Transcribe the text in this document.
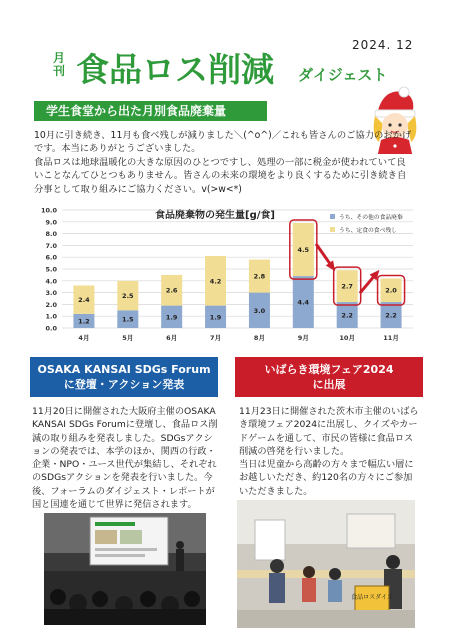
月刊 食品ロス削減 ダイジェスト
2024. 12
学生食堂から出た月別食品廃棄量

10月に引き続き、11月も食べ残しが減りました＼(^o^)／これも皆さんのご協力のおかげです。本当にありがとうございました。

食品ロスは地球温暖化の大きな原因のひとつですし、処理の一部に税金が使われていて良いことなんてひとつもありません。皆さんの未来の環境をより良くするために引き続き自分事として取り組みにご協力ください。v(>w<*)

食品廃棄物の発生量[g/食]
0.0
1.0
2.0
3.0
4.0
5.0
6.0
7.0
8.0
9.0
10.0
1.2
2.4
1.5
2.5
1.9
2.6
1.9
4.2
3.0
2.8
4.4
4.5
2.2
2.7
2.2
2.0
4月	5月	6月	7月	8月	9月	10月	11月
うち、その他の食品廃棄
うち、定食の食べ残し
OSAKA KANSAI SDGs Forum
に登壇・アクション発表
いばらき環境フェア2024
に出展
11月20日に開催された大阪府主催のOSAKA KANSAI SDGs Forumに登壇し、食品ロス削減の取り組みを発表しました。SDGsアクションの発表では、本学のほか、関西の行政・企業・NPO・ユース世代が集結し、それぞれのSDGsアクションを発表を行いました。今後、フォーラムのダイジェスト・レポートが国と国連を通じて世界に発信されます。

11月23日に開催された茨木市主催のいばらき環境フェア2024に出展し、クイズやカードゲームを通して、市民の皆様に食品ロス削減の啓発を行いました。

当日は児童から高齢の方々まで幅広い層にお越しいただき、約120名の方々にご参加いただきました。

食品ロスダイズ
